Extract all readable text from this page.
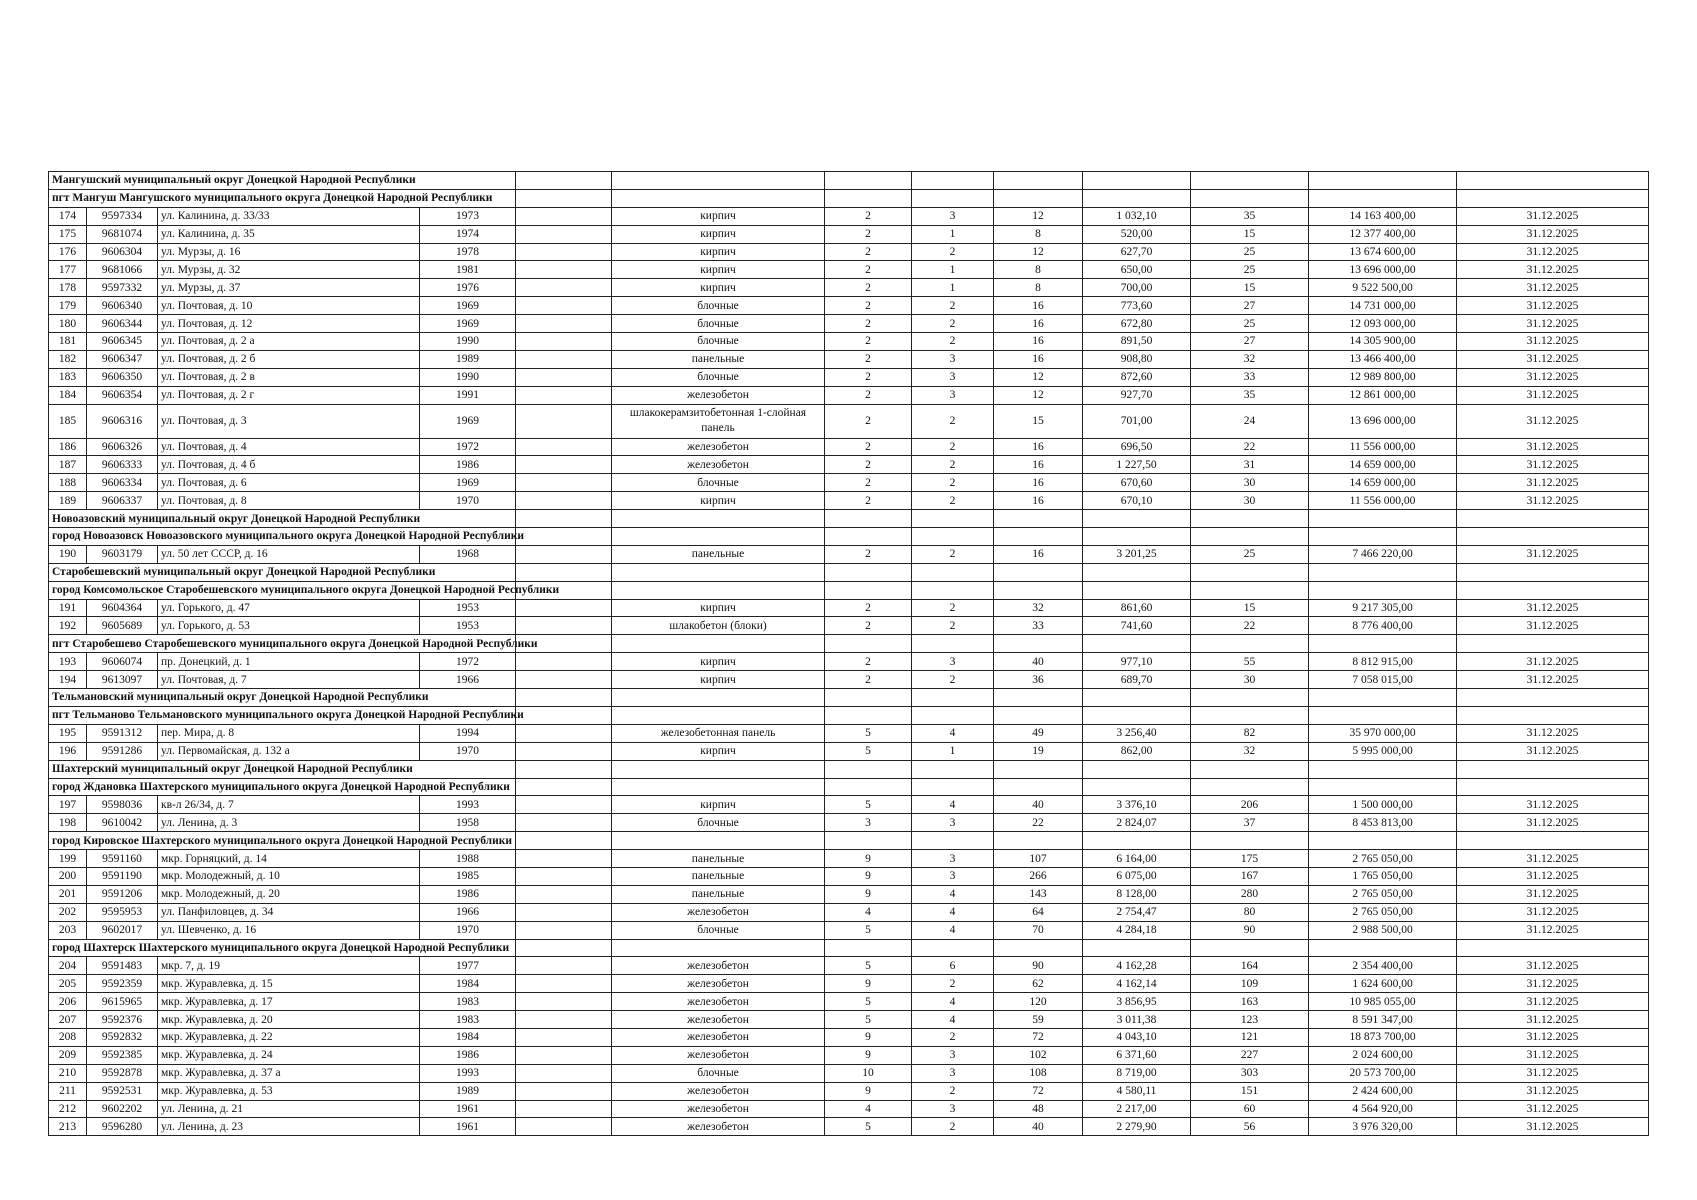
Мангушский муниципальный округ Донецкой Народной Республики												
пгт Мангуш Мангушского муниципального округа Донецкой Народной Республики												
174	9597334	ул. Калинина, д. 33/33	1973		кирпич	2	3	12	1 032,10	35	14 163 400,00	31.12.2025
175	9681074	ул. Калинина, д. 35	1974		кирпич	2	1	8	520,00	15	12 377 400,00	31.12.2025
176	9606304	ул. Мурзы, д. 16	1978		кирпич	2	2	12	627,70	25	13 674 600,00	31.12.2025
177	9681066	ул. Мурзы, д. 32	1981		кирпич	2	1	8	650,00	25	13 696 000,00	31.12.2025
178	9597332	ул. Мурзы, д. 37	1976		кирпич	2	1	8	700,00	15	9 522 500,00	31.12.2025
179	9606340	ул. Почтовая, д. 10	1969		блочные	2	2	16	773,60	27	14 731 000,00	31.12.2025
180	9606344	ул. Почтовая, д. 12	1969		блочные	2	2	16	672,80	25	12 093 000,00	31.12.2025
181	9606345	ул. Почтовая, д. 2 а	1990		блочные	2	2	16	891,50	27	14 305 900,00	31.12.2025
182	9606347	ул. Почтовая, д. 2 б	1989		панельные	2	3	16	908,80	32	13 466 400,00	31.12.2025
183	9606350	ул. Почтовая, д. 2 в	1990		блочные	2	3	12	872,60	33	12 989 800,00	31.12.2025
184	9606354	ул. Почтовая, д. 2 г	1991		железобетон	2	3	12	927,70	35	12 861 000,00	31.12.2025
185	9606316	ул. Почтовая, д. 3	1969		шлакокерамзитобетонная 1-слойная панель	2	2	15	701,00	24	13 696 000,00	31.12.2025
186	9606326	ул. Почтовая, д. 4	1972		железобетон	2	2	16	696,50	22	11 556 000,00	31.12.2025
187	9606333	ул. Почтовая, д. 4 б	1986		железобетон	2	2	16	1 227,50	31	14 659 000,00	31.12.2025
188	9606334	ул. Почтовая, д. 6	1969		блочные	2	2	16	670,60	30	14 659 000,00	31.12.2025
189	9606337	ул. Почтовая, д. 8	1970		кирпич	2	2	16	670,10	30	11 556 000,00	31.12.2025
Новоазовский муниципальный округ Донецкой Народной Республики												
город Новоазовск Новоазовского муниципального округа Донецкой Народной Республики												
190	9603179	ул. 50 лет СССР, д. 16	1968		панельные	2	2	16	3 201,25	25	7 466 220,00	31.12.2025
Старобешевский муниципальный округ Донецкой Народной Республики												
город Комсомольское Старобешевского муниципального округа Донецкой Народной Республики												
191	9604364	ул. Горького, д. 47	1953		кирпич	2	2	32	861,60	15	9 217 305,00	31.12.2025
192	9605689	ул. Горького, д. 53	1953		шлакобетон (блоки)	2	2	33	741,60	22	8 776 400,00	31.12.2025
пгт Старобешево Старобешевского муниципального округа Донецкой Народной Республики												
193	9606074	пр. Донецкий, д. 1	1972		кирпич	2	3	40	977,10	55	8 812 915,00	31.12.2025
194	9613097	ул. Почтовая, д. 7	1966		кирпич	2	2	36	689,70	30	7 058 015,00	31.12.2025
Тельмановский муниципальный округ Донецкой Народной Республики												
пгт Тельманово Тельмановского муниципального округа Донецкой Народной Республики												
195	9591312	пер. Мира, д. 8	1994		железобетонная панель	5	4	49	3 256,40	82	35 970 000,00	31.12.2025
196	9591286	ул. Первомайская, д. 132 а	1970		кирпич	5	1	19	862,00	32	5 995 000,00	31.12.2025
Шахтерский муниципальный округ Донецкой Народной Республики												
город Ждановка Шахтерского муниципального округа Донецкой Народной Республики												
197	9598036	кв-л 26/34, д. 7	1993		кирпич	5	4	40	3 376,10	206	1 500 000,00	31.12.2025
198	9610042	ул. Ленина, д. 3	1958		блочные	3	3	22	2 824,07	37	8 453 813,00	31.12.2025
город Кировское Шахтерского муниципального округа Донецкой Народной Республики												
199	9591160	мкр. Горняцкий, д. 14	1988		панельные	9	3	107	6 164,00	175	2 765 050,00	31.12.2025
200	9591190	мкр. Молодежный, д. 10	1985		панельные	9	3	266	6 075,00	167	1 765 050,00	31.12.2025
201	9591206	мкр. Молодежный, д. 20	1986		панельные	9	4	143	8 128,00	280	2 765 050,00	31.12.2025
202	9595953	ул. Панфиловцев, д. 34	1966		железобетон	4	4	64	2 754,47	80	2 765 050,00	31.12.2025
203	9602017	ул. Шевченко, д. 16	1970		блочные	5	4	70	4 284,18	90	2 988 500,00	31.12.2025
город Шахтерск Шахтерского муниципального округа Донецкой Народной Республики												
204	9591483	мкр. 7, д. 19	1977		железобетон	5	6	90	4 162,28	164	2 354 400,00	31.12.2025
205	9592359	мкр. Журавлевка, д. 15	1984		железобетон	9	2	62	4 162,14	109	1 624 600,00	31.12.2025
206	9615965	мкр. Журавлевка, д. 17	1983		железобетон	5	4	120	3 856,95	163	10 985 055,00	31.12.2025
207	9592376	мкр. Журавлевка, д. 20	1983		железобетон	5	4	59	3 011,38	123	8 591 347,00	31.12.2025
208	9592832	мкр. Журавлевка, д. 22	1984		железобетон	9	2	72	4 043,10	121	18 873 700,00	31.12.2025
209	9592385	мкр. Журавлевка, д. 24	1986		железобетон	9	3	102	6 371,60	227	2 024 600,00	31.12.2025
210	9592878	мкр. Журавлевка, д. 37 а	1993		блочные	10	3	108	8 719,00	303	20 573 700,00	31.12.2025
211	9592531	мкр. Журавлевка, д. 53	1989		железобетон	9	2	72	4 580,11	151	2 424 600,00	31.12.2025
212	9602202	ул. Ленина, д. 21	1961		железобетон	4	3	48	2 217,00	60	4 564 920,00	31.12.2025
213	9596280	ул. Ленина, д. 23	1961		железобетон	5	2	40	2 279,90	56	3 976 320,00	31.12.2025
